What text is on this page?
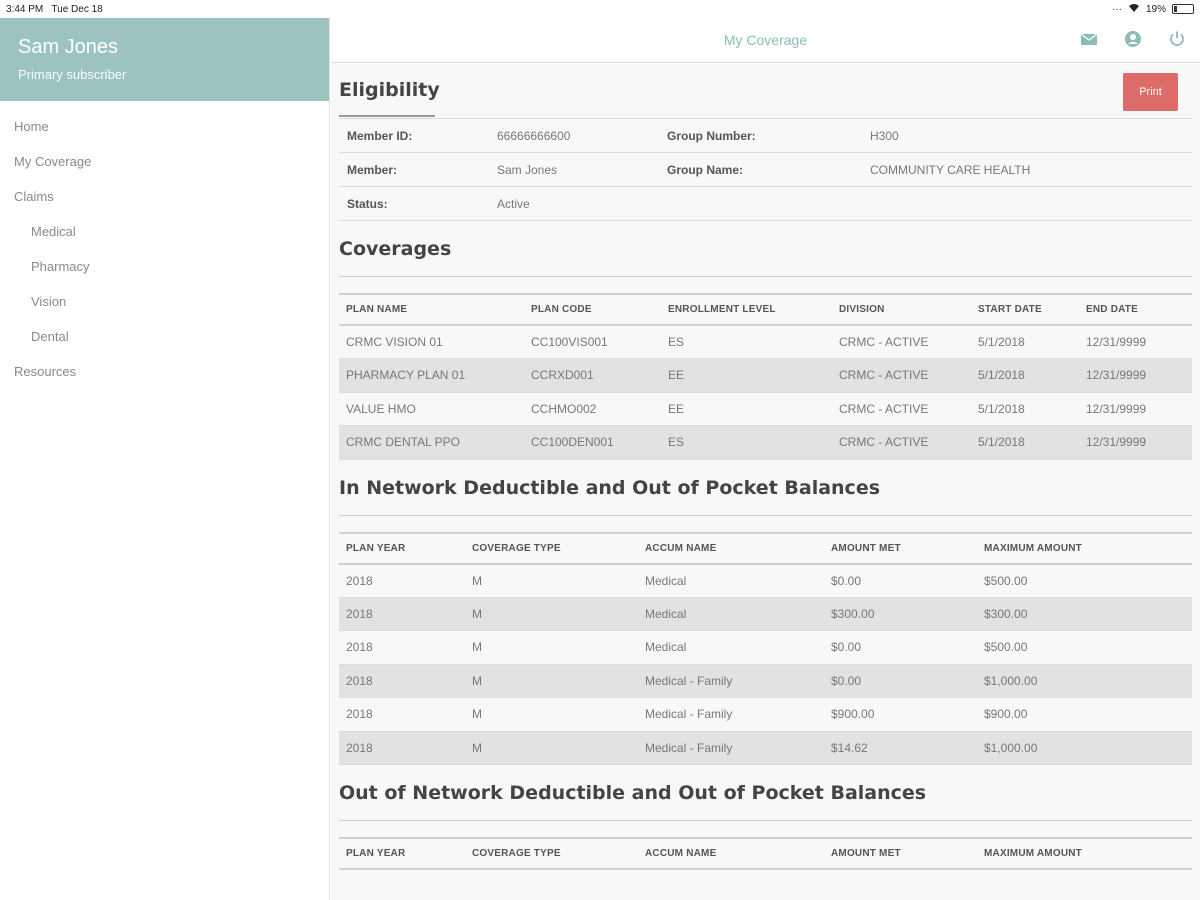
3:44 PM Tue Dec 18	··· 19%
Sam Jones
Primary subscriber
Home
My Coverage
Claims
Medical
Pharmacy
Vision
Dental
Resources
My Coverage
Eligibility	Print
Member ID:	66666666600	Group Number:	H300
Member:	Sam Jones	Group Name:	COMMUNITY CARE HEALTH
Status:	Active
Coverages
PLAN NAME	PLAN CODE	ENROLLMENT LEVEL	DIVISION	START DATE	END DATE
CRMC VISION 01	CC100VIS001	ES	CRMC - ACTIVE	5/1/2018	12/31/9999
PHARMACY PLAN 01	CCRXD001	EE	CRMC - ACTIVE	5/1/2018	12/31/9999
VALUE HMO	CCHMO002	EE	CRMC - ACTIVE	5/1/2018	12/31/9999
CRMC DENTAL PPO	CC100DEN001	ES	CRMC - ACTIVE	5/1/2018	12/31/9999
In Network Deductible and Out of Pocket Balances
PLAN YEAR	COVERAGE TYPE	ACCUM NAME	AMOUNT MET	MAXIMUM AMOUNT
2018	M	Medical	$0.00	$500.00
2018	M	Medical	$300.00	$300.00
2018	M	Medical	$0.00	$500.00
2018	M	Medical - Family	$0.00	$1,000.00
2018	M	Medical - Family	$900.00	$900.00
2018	M	Medical - Family	$14.62	$1,000.00
Out of Network Deductible and Out of Pocket Balances
PLAN YEAR	COVERAGE TYPE	ACCUM NAME	AMOUNT MET	MAXIMUM AMOUNT
